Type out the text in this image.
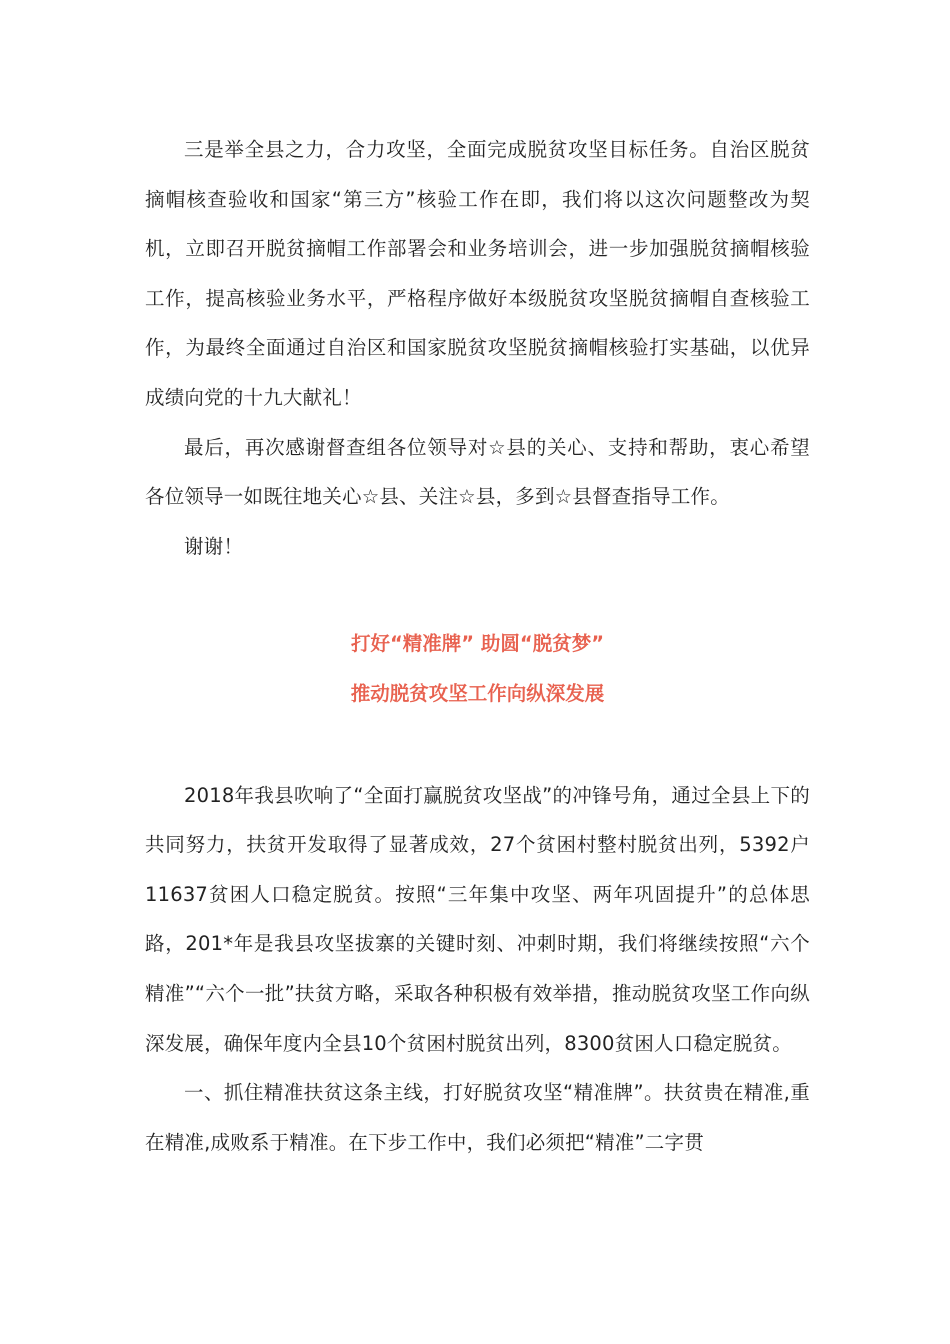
三是举全县之力，合力攻坚，全面完成脱贫攻坚目标任务。自治区脱贫摘帽核查验收和国家“第三方”核验工作在即，我们将以这次问题整改为契机，立即召开脱贫摘帽工作部署会和业务培训会，进一步加强脱贫摘帽核验工作，提高核验业务水平，严格程序做好本级脱贫攻坚脱贫摘帽自查核验工作，为最终全面通过自治区和国家脱贫攻坚脱贫摘帽核验打实基础，以优异成绩向党的十九大献礼！

最后，再次感谢督查组各位领导对☆县的关心、支持和帮助，衷心希望各位领导一如既往地关心☆县、关注☆县，多到☆县督查指导工作。

谢谢！

打好“精准牌” 助圆“脱贫梦”

推动脱贫攻坚工作向纵深发展

2018年我县吹响了“全面打赢脱贫攻坚战”的冲锋号角，通过全县上下的共同努力，扶贫开发取得了显著成效，27个贫困村整村脱贫出列，5392户11637贫困人口稳定脱贫。按照“三年集中攻坚、两年巩固提升”的总体思路，201*年是我县攻坚拔寨的关键时刻、冲刺时期，我们将继续按照“六个精准”“六个一批”扶贫方略，采取各种积极有效举措，推动脱贫攻坚工作向纵深发展，确保年度内全县10个贫困村脱贫出列，8300贫困人口稳定脱贫。

一、抓住精准扶贫这条主线，打好脱贫攻坚“精准牌”。扶贫贵在精准,重在精准,成败系于精准。在下步工作中，我们必须把“精准”二字贯
